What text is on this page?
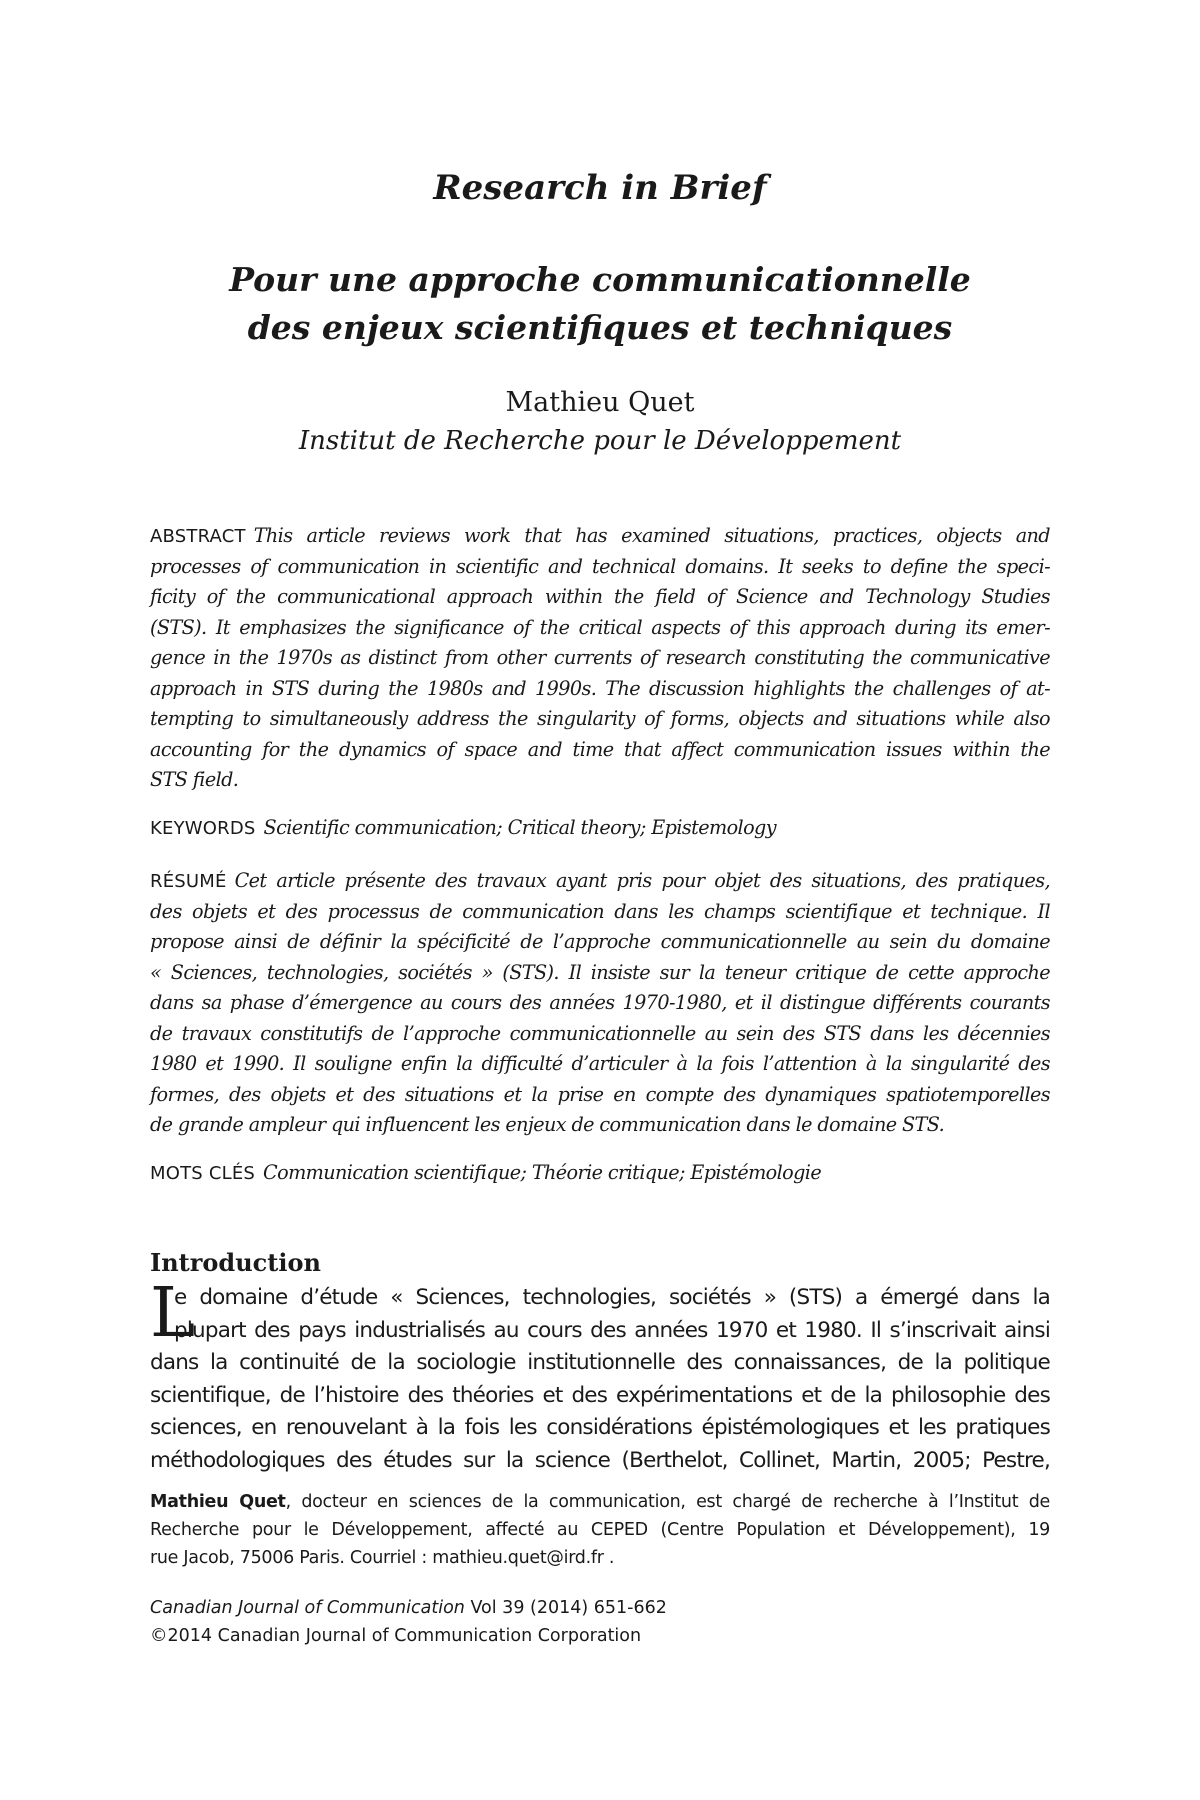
Research in Brief
Pour une approche communicationnelle
des enjeux scientifiques et techniques
Mathieu Quet
Institut de Recherche pour le Développement
ABSTRACT This article reviews work that has examined situations, practices, objects and
processes of communication in scientific and technical domains. It seeks to define the speci-
ficity of the communicational approach within the field of Science and Technology Studies
(STS). It emphasizes the significance of the critical aspects of this approach during its emer-
gence in the 1970s as distinct from other currents of research constituting the communicative
approach in STS during the 1980s and 1990s. The discussion highlights the challenges of at-
tempting to simultaneously address the singularity of forms, objects and situations while also
accounting for the dynamics of space and time that affect communication issues within the
STS field.
KEYWORDS Scientific communication; Critical theory; Epistemology
RÉSUMÉ Cet article présente des travaux ayant pris pour objet des situations, des pratiques,
des objets et des processus de communication dans les champs scientifique et technique. Il
propose ainsi de définir la spécificité de l’approche communicationnelle au sein du domaine
« Sciences, technologies, sociétés » (STS). Il insiste sur la teneur critique de cette approche
dans sa phase d’émergence au cours des années 1970-1980, et il distingue différents courants
de travaux constitutifs de l’approche communicationnelle au sein des STS dans les décennies
1980 et 1990. Il souligne enfin la difficulté d’articuler à la fois l’attention à la singularité des
formes, des objets et des situations et la prise en compte des dynamiques spatiotemporelles
de grande ampleur qui influencent les enjeux de communication dans le domaine STS.
MOTS CLÉS Communication scientifique; Théorie critique; Epistémologie
Introduction
L
e domaine d’étude « Sciences, technologies, sociétés » (STS) a émergé dans la
plupart des pays industrialisés au cours des années 1970 et 1980. Il s’inscrivait ainsi
dans la continuité de la sociologie institutionnelle des connaissances, de la politique
scientifique, de l’histoire des théories et des expérimentations et de la philosophie des
sciences, en renouvelant à la fois les considérations épistémologiques et les pratiques
méthodologiques des études sur la science (Berthelot, Collinet, Martin, 2005; Pestre,
Mathieu Quet, docteur en sciences de la communication, est chargé de recherche à l’Institut de
Recherche pour le Développement, affecté au CEPED (Centre Population et Développement), 19
rue Jacob, 75006 Paris. Courriel : mathieu.quet@ird.fr .
Canadian Journal of Communication Vol 39 (2014) 651-662
©2014 Canadian Journal of Communication Corporation
